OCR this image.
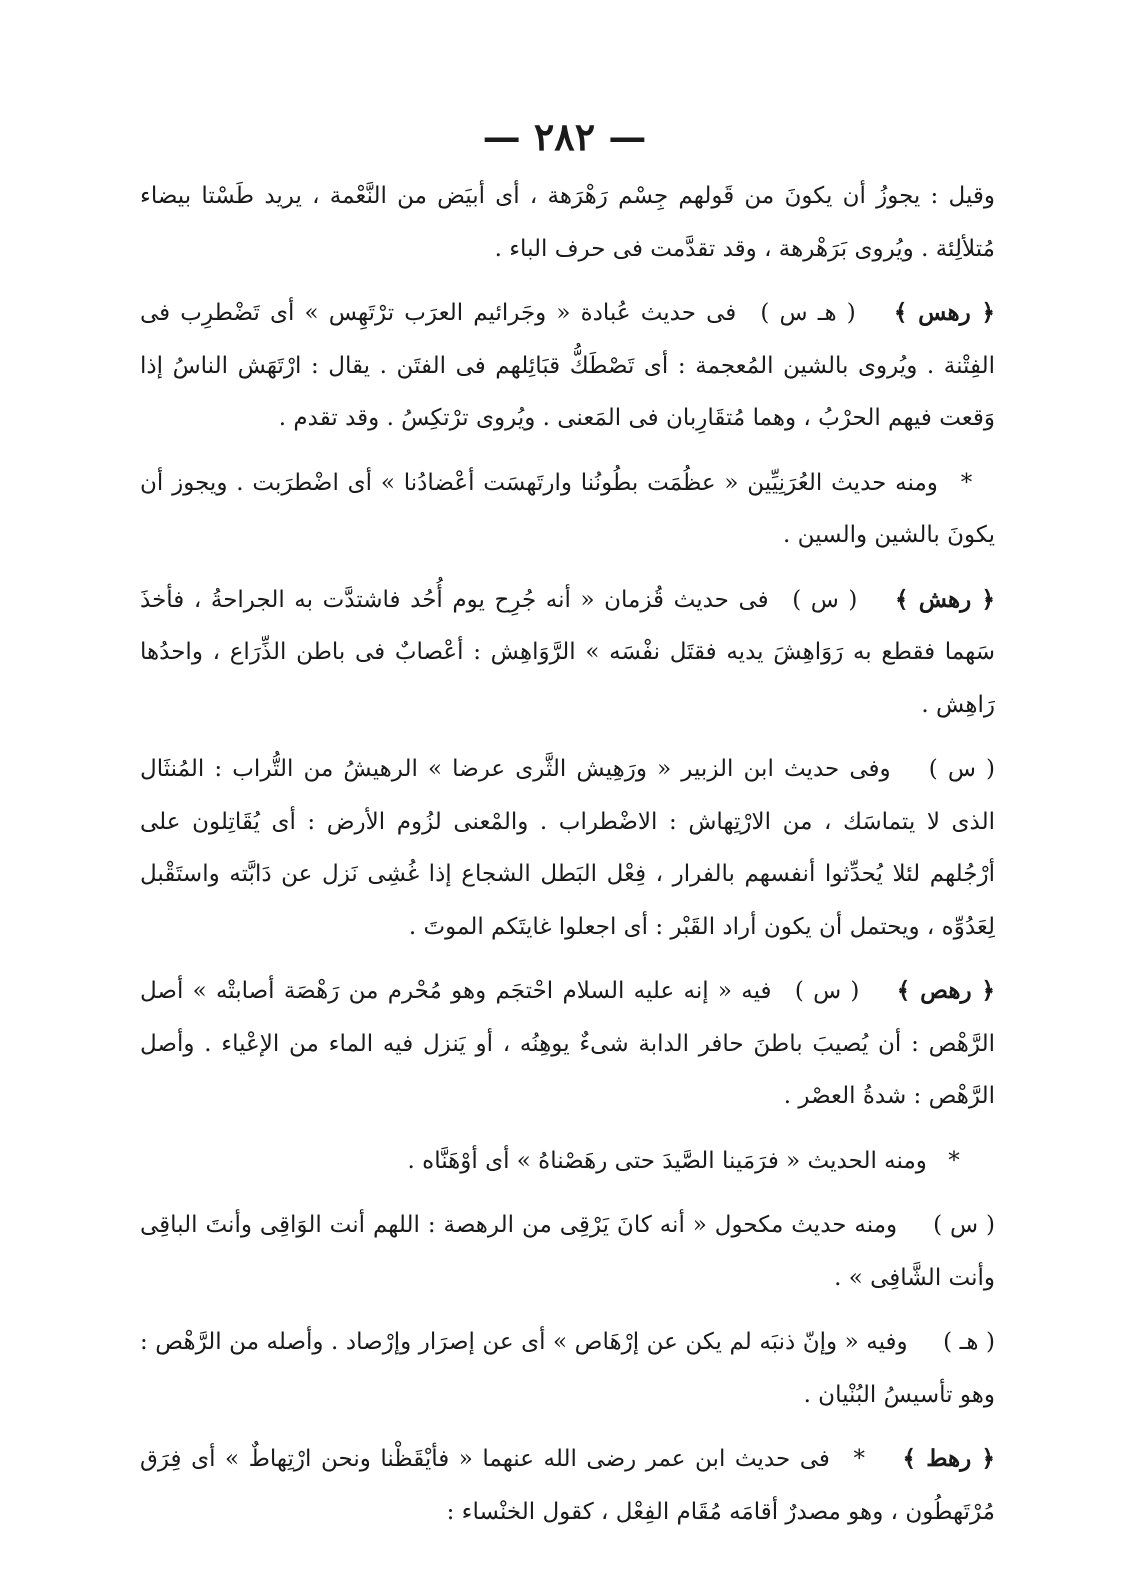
— ٢٨٢ —

وقيل : يجوزُ أن يكونَ من قَولهم جِسْم رَهْرَهة ، أى أبيَض من النَّعْمة ، يريد طَسْتا بيضاء مُتلألِئة . ويُروى بَرَهْرهة ، وقد تقدَّمت فى حرف الباء .

﴿ رهس ﴾ ( هـ س ) فى حديث عُبادة « وجَرائيم العرَب ترْتَهِس » أى تَضْطرِب فى الفِتْنة . ويُروى بالشين المُعجمة : أى تَصْطَكُّ قبَائِلهم فى الفتَن . يقال : ارْتَهَش الناسُ إذا وَقعت فيهم الحرْبُ ، وهما مُتقَارِبان فى المَعنى . ويُروى ترْتكِسُ . وقد تقدم .

* ومنه حديث العُرَنِيِّين « عظُمَت بطُونُنا وارتَهسَت أعْضادُنا » أى اضْطرَبت . ويجوز أن يكونَ بالشين والسين .

﴿ رهش ﴾ ( س ) فى حديث قُزمان « أنه جُرِح يوم أُحُد فاشتدَّت به الجراحةُ ، فأخذَ سَهما فقطع به رَوَاهِشَ يديه فقتَل نفْسَه » الرَّوَاهِش : أعْصابٌ فى باطن الذِّرَاع ، واحدُها رَاهِش .

( س ) وفى حديث ابن الزبير « ورَهِيش الثَّرى عرضا » الرهيشُ من التُّراب : المُنثَال الذى لا يتماسَك ، من الارْتِهاش : الاضْطراب . والمْعنى لزُوم الأرض : أى يُقَاتِلون على أرْجُلهم لئلا يُحدِّثوا أنفسهم بالفرار ، فِعْل البَطل الشجاع إذا غُشِى نَزل عن دَابَّته واستَقْبل لِعَدُوِّه ، ويحتمل أن يكون أراد القَبْر : أى اجعلوا غايتَكم الموتَ .

﴿ رهص ﴾ ( س ) فيه « إنه عليه السلام احْتجَم وهو مُحْرم من رَهْصَة أصابتْه » أصل الرَّهْص : أن يُصيبَ باطنَ حافر الدابة شىءٌ يوهِنُه ، أو يَنزل فيه الماء من الإعْياء . وأصل الرَّهْص : شدةُ العصْر .

* ومنه الحديث « فرَمَينا الصَّيدَ حتى رهَصْناهُ » أى أوْهَنَّاه .

( س ) ومنه حديث مكحول « أنه كانَ يَرْقِى من الرهصة : اللهم أنت الوَاقِى وأنتَ الباقِى وأنت الشَّافِى » .

( هـ ) وفيه « وإنّ ذنبَه لم يكن عن إرْهَاص » أى عن إصرَار وإرْصاد . وأصله من الرَّهْص : وهو تأسيسُ البُنْيان .

﴿ رهط ﴾ * فى حديث ابن عمر رضى الله عنهما « فأيْقَظْنا ونحن ارْتِهاطٌ » أى فِرَق مُرْتَهطُون ، وهو مصدرٌ أقامَه مُقَام الفِعْل ، كقول الخنْساء :
